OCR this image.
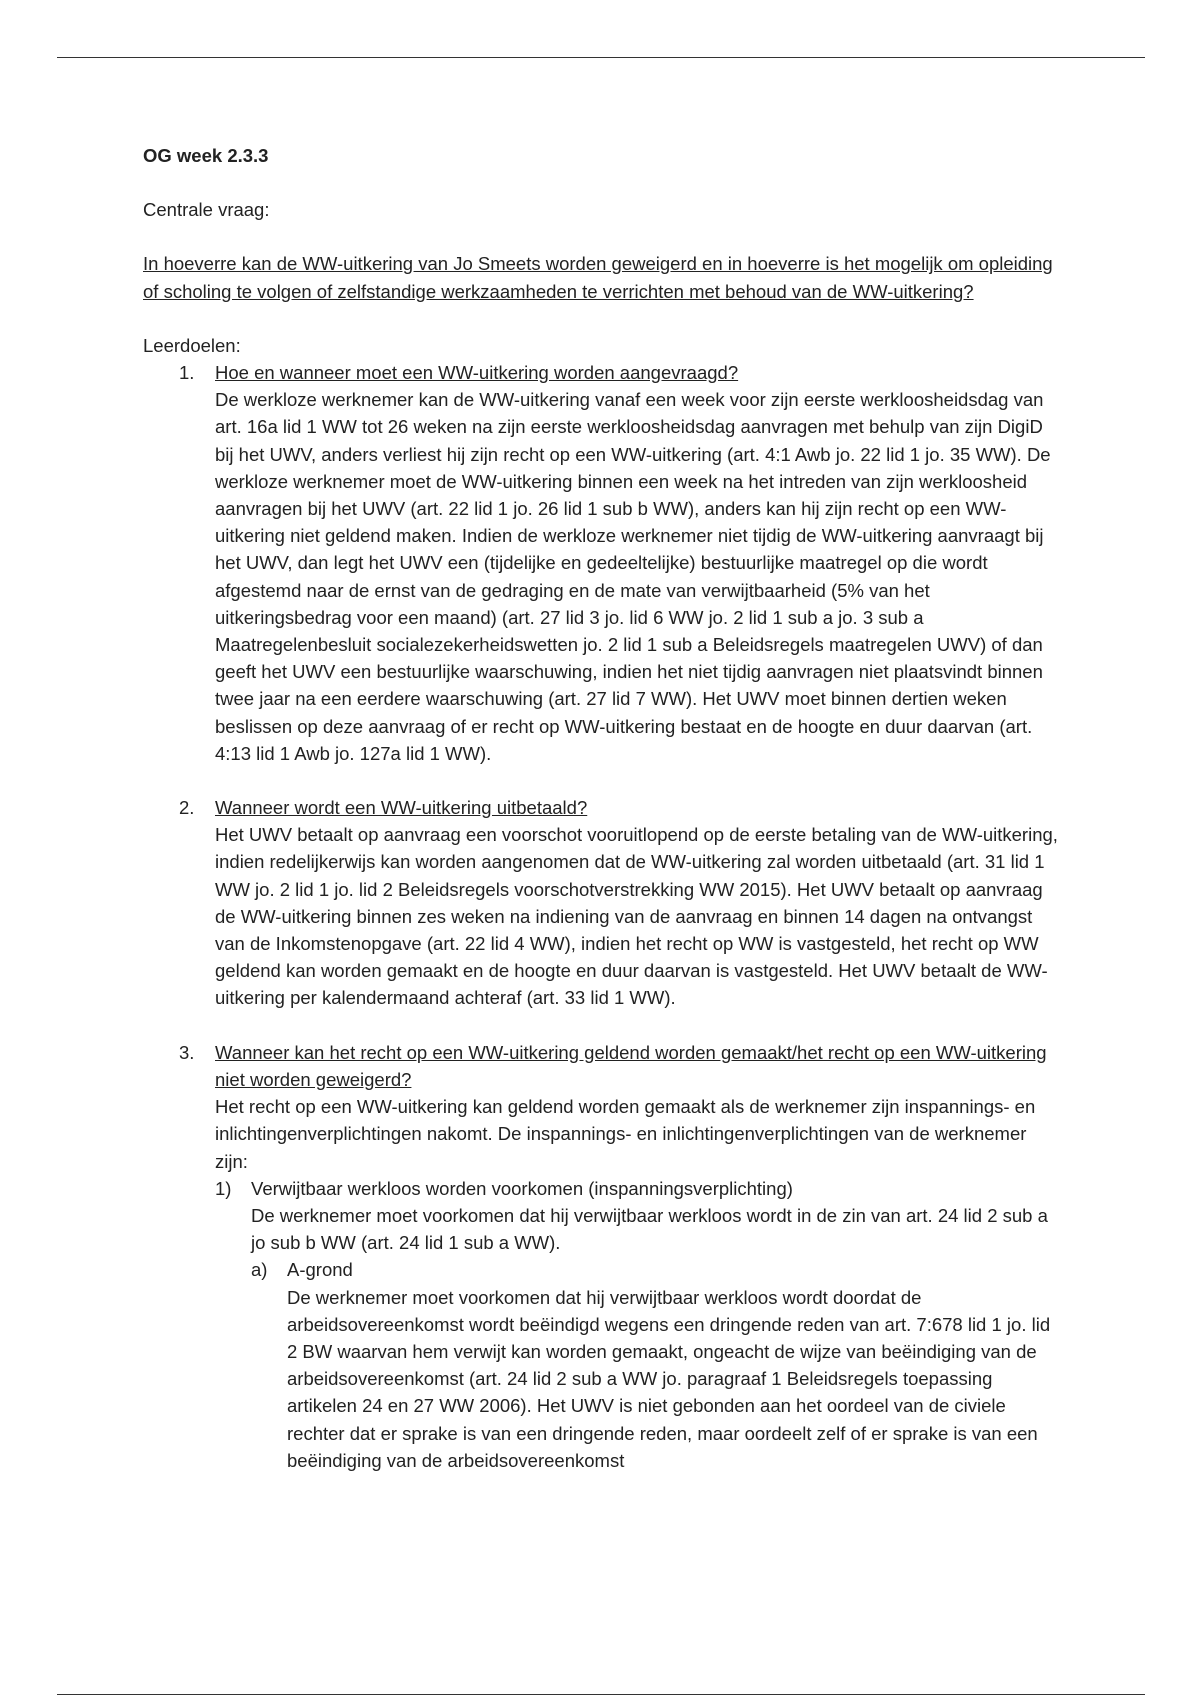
OG week 2.3.3

Centrale vraag:

In hoeverre kan de WW-uitkering van Jo Smeets worden geweigerd en in hoeverre is het mogelijk om opleiding of scholing te volgen of zelfstandige werkzaamheden te verrichten met behoud van de WW-uitkering?

Leerdoelen:

1. Hoe en wanneer moet een WW-uitkering worden aangevraagd?

De werkloze werknemer kan de WW-uitkering vanaf een week voor zijn eerste werkloosheidsdag van art. 16a lid 1 WW tot 26 weken na zijn eerste werkloosheidsdag aanvragen met behulp van zijn DigiD bij het UWV, anders verliest hij zijn recht op een WW-uitkering (art. 4:1 Awb jo. 22 lid 1 jo. 35 WW). De werkloze werknemer moet de WW-uitkering binnen een week na het intreden van zijn werkloosheid aanvragen bij het UWV (art. 22 lid 1 jo. 26 lid 1 sub b WW), anders kan hij zijn recht op een WW-uitkering niet geldend maken. Indien de werkloze werknemer niet tijdig de WW-uitkering aanvraagt bij het UWV, dan legt het UWV een (tijdelijke en gedeeltelijke) bestuurlijke maatregel op die wordt afgestemd naar de ernst van de gedraging en de mate van verwijtbaarheid (5% van het uitkeringsbedrag voor een maand) (art. 27 lid 3 jo. lid 6 WW jo. 2 lid 1 sub a jo. 3 sub a Maatregelenbesluit socialezekerheidswetten jo. 2 lid 1 sub a Beleidsregels maatregelen UWV) of dan geeft het UWV een bestuurlijke waarschuwing, indien het niet tijdig aanvragen niet plaatsvindt binnen twee jaar na een eerdere waarschuwing (art. 27 lid 7 WW). Het UWV moet binnen dertien weken beslissen op deze aanvraag of er recht op WW-uitkering bestaat en de hoogte en duur daarvan (art. 4:13 lid 1 Awb jo. 127a lid 1 WW).

2. Wanneer wordt een WW-uitkering uitbetaald?

Het UWV betaalt op aanvraag een voorschot vooruitlopend op de eerste betaling van de WW-uitkering, indien redelijkerwijs kan worden aangenomen dat de WW-uitkering zal worden uitbetaald (art. 31 lid 1 WW jo. 2 lid 1 jo. lid 2 Beleidsregels voorschotverstrekking WW 2015). Het UWV betaalt op aanvraag de WW-uitkering binnen zes weken na indiening van de aanvraag en binnen 14 dagen na ontvangst van de Inkomstenopgave (art. 22 lid 4 WW), indien het recht op WW is vastgesteld, het recht op WW geldend kan worden gemaakt en de hoogte en duur daarvan is vastgesteld. Het UWV betaalt de WW-uitkering per kalendermaand achteraf (art. 33 lid 1 WW).

3. Wanneer kan het recht op een WW-uitkering geldend worden gemaakt/het recht op een WW-uitkering niet worden geweigerd?

Het recht op een WW-uitkering kan geldend worden gemaakt als de werknemer zijn inspannings- en inlichtingenverplichtingen nakomt. De inspannings- en inlichtingenverplichtingen van de werknemer zijn:

1) Verwijtbaar werkloos worden voorkomen (inspanningsverplichting)

De werknemer moet voorkomen dat hij verwijtbaar werkloos wordt in de zin van art. 24 lid 2 sub a jo sub b WW (art. 24 lid 1 sub a WW).

a) A-grond

De werknemer moet voorkomen dat hij verwijtbaar werkloos wordt doordat de arbeidsovereenkomst wordt beëindigd wegens een dringende reden van art. 7:678 lid 1 jo. lid 2 BW waarvan hem verwijt kan worden gemaakt, ongeacht de wijze van beëindiging van de arbeidsovereenkomst (art. 24 lid 2 sub a WW jo. paragraaf 1 Beleidsregels toepassing artikelen 24 en 27 WW 2006). Het UWV is niet gebonden aan het oordeel van de civiele rechter dat er sprake is van een dringende reden, maar oordeelt zelf of er sprake is van een beëindiging van de arbeidsovereenkomst
